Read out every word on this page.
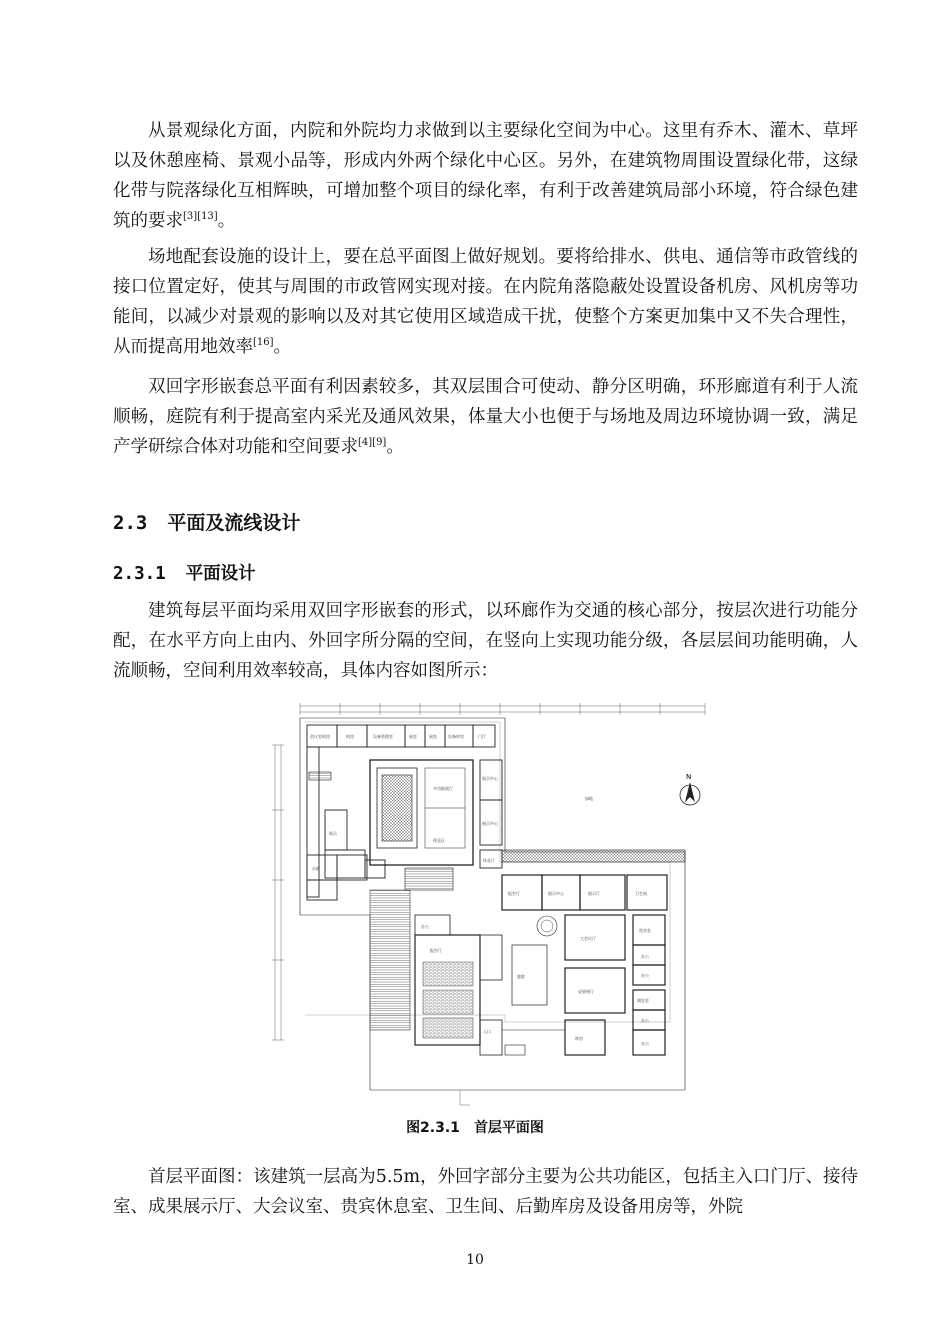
从景观绿化方面，内院和外院均力求做到以主要绿化空间为中心。这里有乔木、灌木、草坪以及休憩座椅、景观小品等，形成内外两个绿化中心区。另外，在建筑物周围设置绿化带，这绿化带与院落绿化互相辉映，可增加整个项目的绿化率，有利于改善建筑局部小环境，符合绿色建筑的要求[3][13]。

场地配套设施的设计上，要在总平面图上做好规划。要将给排水、供电、通信等市政管线的接口位置定好，使其与周围的市政管网实现对接。在内院角落隐蔽处设置设备机房、风机房等功能间，以减少对景观的影响以及对其它使用区域造成干扰，使整个方案更加集中又不失合理性，从而提高用地效率[16]。

双回字形嵌套总平面有利因素较多，其双层围合可使动、静分区明确，环形廊道有利于人流顺畅，庭院有利于提高室内采光及通风效果，体量大小也便于与场地及周边环境协调一致，满足产学研综合体对功能和空间要求[4][9]。

2.3 平面及流线设计
2.3.1 平面设计

建筑每层平面均采用双回字形嵌套的形式，以环廊作为交通的核心部分，按层次进行功能分配，在水平方向上由内、外回字所分隔的空间，在竖向上实现功能分级，各层层间功能明确，人流顺畅，空间利用效率较高，具体内容如图所示：

会议室机房	机房	设备管理室	展室	展室	设备库房	门厅
多功能展厅
休息区
展示
展示中心
展示中心
休息厅
绿地
N
报告厅	展示中心	展示厅	卫生间
大会议厅
成果展厅
贵宾室
办公
办公
阅览室
办公
办公
库房
庭院
报告厅
办公
入口
台阶
图2.3.1 首层平面图

首层平面图：该建筑一层高为5.5m，外回字部分主要为公共功能区，包括主入口门厅、接待室、成果展示厅、大会议室、贵宾休息室、卫生间、后勤库房及设备用房等，外院

10
